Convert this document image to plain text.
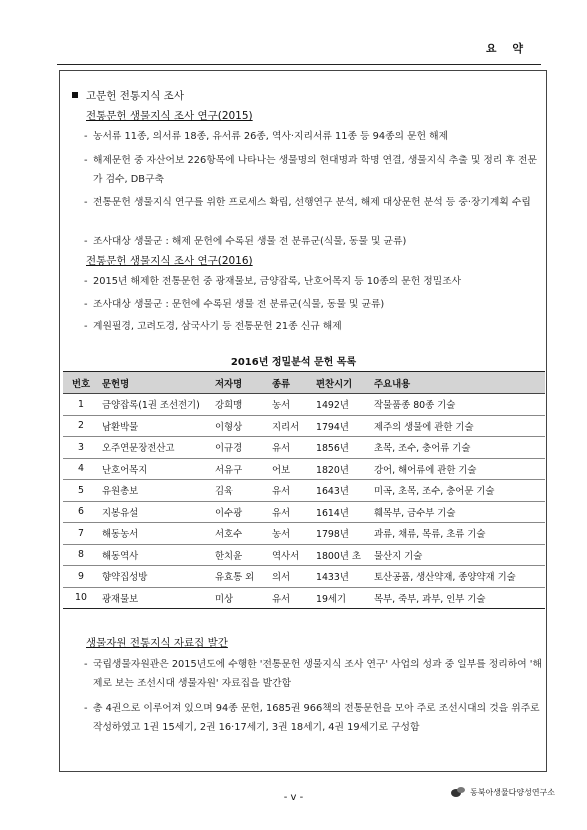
요 약
고문헌 전통지식 조사
전통문헌 생물지식 조사 연구(2015)
- 농서류 11종, 의서류 18종, 유서류 26종, 역사·지리서류 11종 등 94종의 문헌 해제
- 해제문헌 중 자산어보 226항목에 나타나는 생물명의 현대명과 학명 연결, 생물지식 추출 및 정리 후 전문가 검수, DB구축
- 전통문헌 생물지식 연구를 위한 프로세스 확립, 선행연구 분석, 해제 대상문헌 분석 등 중·장기계획 수립
- 조사대상 생물군 : 해제 문헌에 수록된 생물 전 분류군(식물, 동물 및 균류)
전통문헌 생물지식 조사 연구(2016)
- 2015년 해제한 전통문헌 중 광재물보, 금양잡록, 난호어목지 등 10종의 문헌 정밀조사
- 조사대상 생물군 : 문헌에 수록된 생물 전 분류군(식물, 동물 및 균류)
- 계원필경, 고려도경, 삼국사기 등 전통문헌 21종 신규 해제
2016년 정밀분석 문헌 목록
번호	문헌명	저자명	종류	편찬시기	주요내용
1	금양잡록(1권 조선전기)	강희맹	농서	1492년	작물품종 80종 기술
2	남환박물	이형상	지리서	1794년	제주의 생물에 관한 기술
3	오주연문장전산고	이규경	유서	1856년	초목, 조수, 충어류 기술
4	난호어목지	서유구	어보	1820년	강어, 해어류에 관한 기술
5	유원총보	김육	유서	1643년	미곡, 초목, 조수, 충어문 기술
6	지봉유설	이수광	유서	1614년	훼목부, 금수부 기술
7	해동농서	서호수	농서	1798년	과류, 채류, 목류, 초류 기술
8	해동역사	한치윤	역사서	1800년 초	물산지 기술
9	향약집성방	유효통 외	의서	1433년	토산공품, 생산약재, 종양약재 기술
10	광재물보	미상	유서	19세기	목부, 죽부, 과부, 인부 기술
생물자원 전통지식 자료집 발간
- 국립생물자원관은 2015년도에 수행한 '전통문헌 생물지식 조사 연구' 사업의 성과 중 일부를 정리하여 '해제로 보는 조선시대 생물자원' 자료집을 발간함
- 총 4권으로 이루어져 있으며 94종 문헌, 1685권 966책의 전통문헌을 모아 주로 조선시대의 것을 위주로 작성하였고 1권 15세기, 2권 16·17세기, 3권 18세기, 4권 19세기로 구성함
- v -	동북아생물다양성연구소
